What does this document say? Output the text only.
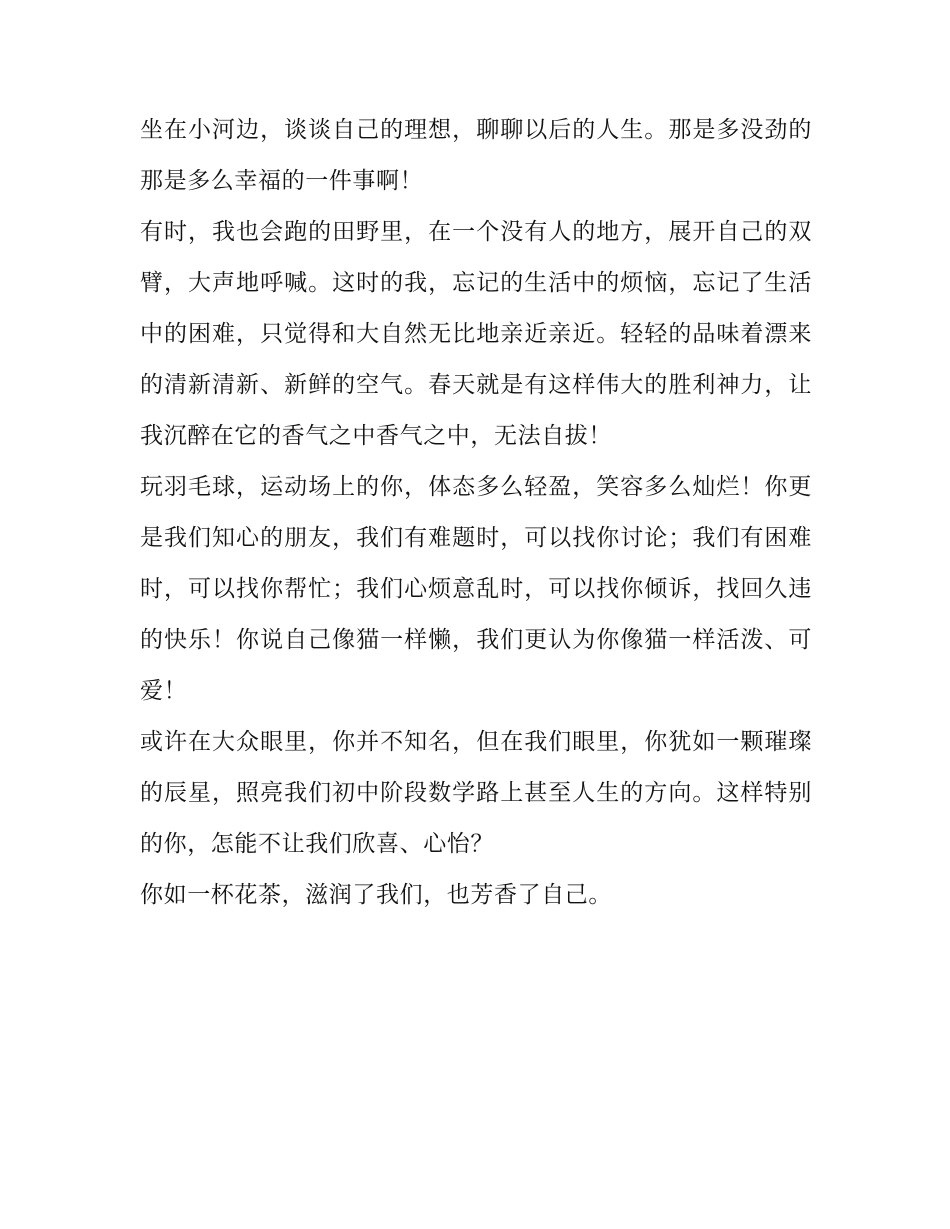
坐在小河边，谈谈自己的理想，聊聊以后的人生。那是多没劲的那是多么幸福的一件事啊！

有时，我也会跑的田野里，在一个没有人的地方，展开自己的双臂，大声地呼喊。这时的我，忘记的生活中的烦恼，忘记了生活中的困难，只觉得和大自然无比地亲近亲近。轻轻的品味着漂来的清新清新、新鲜的空气。春天就是有这样伟大的胜利神力，让我沉醉在它的香气之中香气之中，无法自拔！

玩羽毛球，运动场上的你，体态多么轻盈，笑容多么灿烂！你更是我们知心的朋友，我们有难题时，可以找你讨论；我们有困难时，可以找你帮忙；我们心烦意乱时，可以找你倾诉，找回久违的快乐！你说自己像猫一样懒，我们更认为你像猫一样活泼、可爱！

或许在大众眼里，你并不知名，但在我们眼里，你犹如一颗璀璨的辰星，照亮我们初中阶段数学路上甚至人生的方向。这样特别的你，怎能不让我们欣喜、心怡？

你如一杯花茶，滋润了我们，也芳香了自己。
